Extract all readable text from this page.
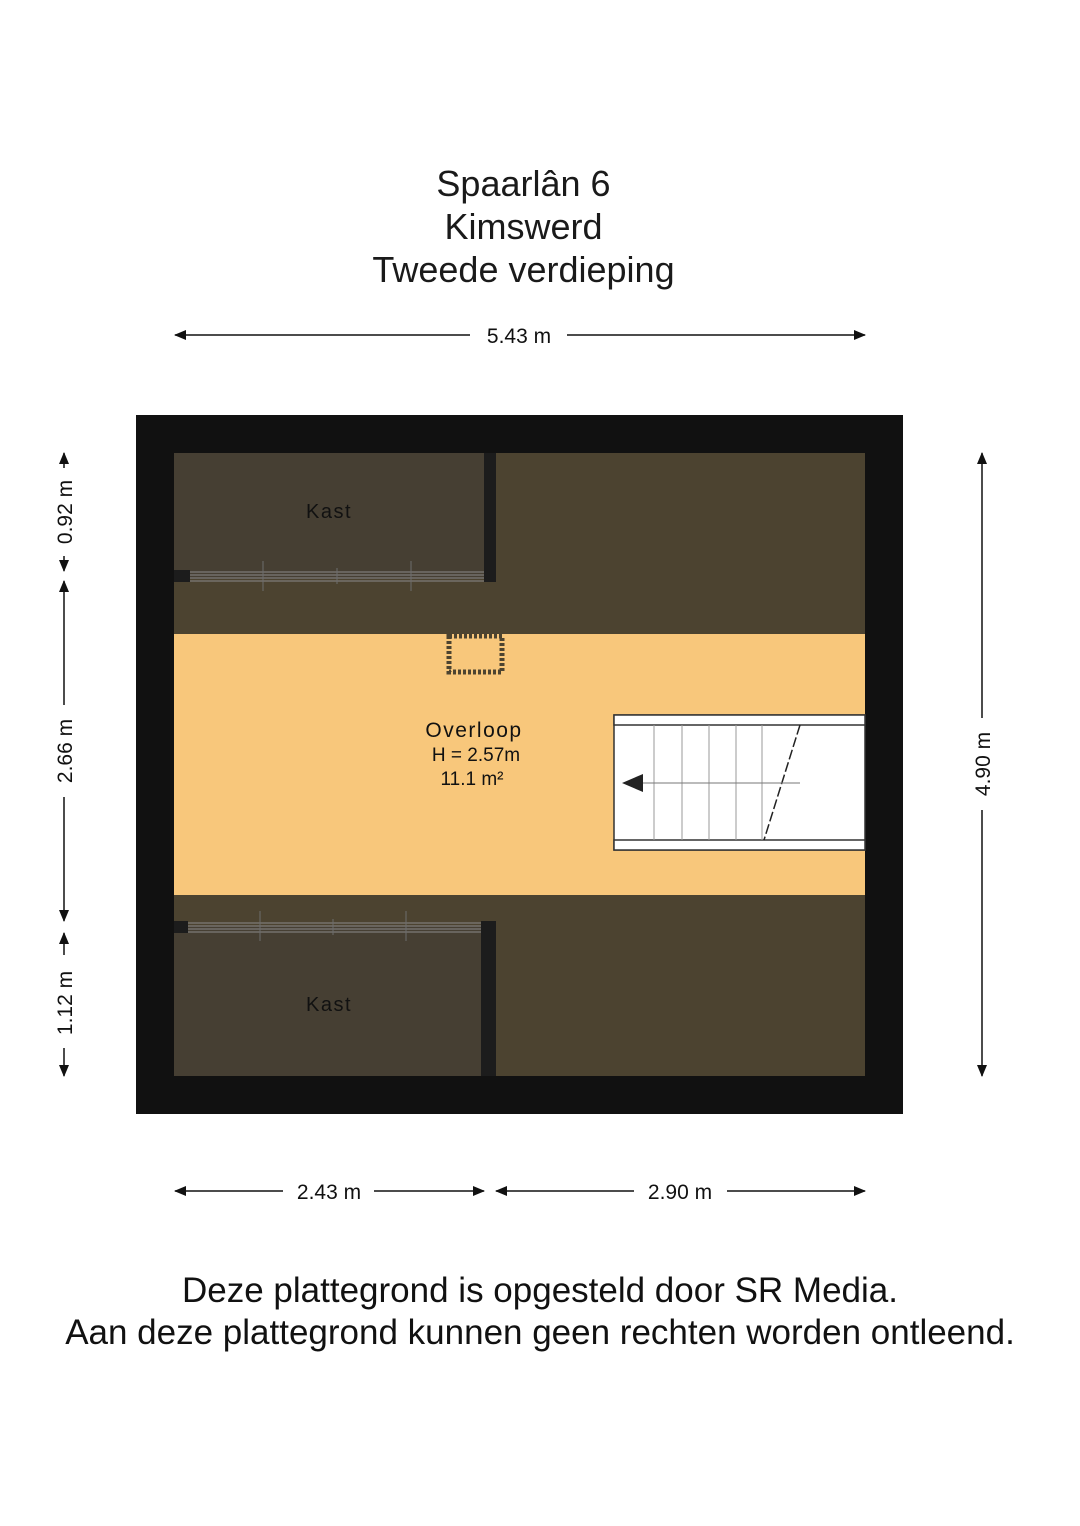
Spaarlân 6
Kimswerd
Tweede verdieping
Kast
Kast
Overloop
H = 2.57m
11.1 m²
5.43 m
0.92 m
2.66 m
1.12 m
4.90 m
2.43 m	2.90 m
Deze plattegrond is opgesteld door SR Media.
Aan deze plattegrond kunnen geen rechten worden ontleend.
